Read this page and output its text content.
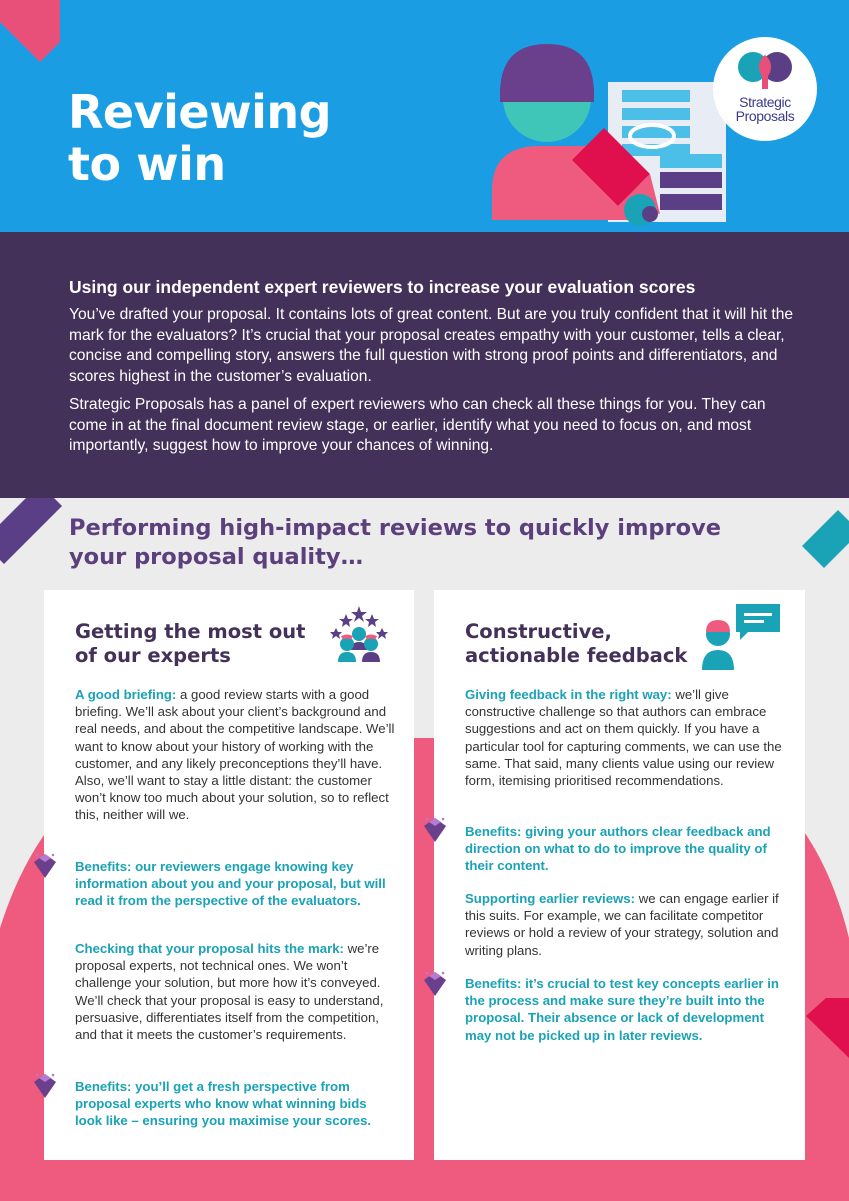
Reviewing
to win
Strategic
Proposals
Using our independent expert reviewers to increase your evaluation scores

You’ve drafted your proposal. It contains lots of great content. But are you truly confident that it will hit the mark for the evaluators? It’s crucial that your proposal creates empathy with your customer, tells a clear, concise and compelling story, answers the full question with strong proof points and differentiators, and scores highest in the customer’s evaluation.

Strategic Proposals has a panel of expert reviewers who can check all these things for you. They can come in at the final document review stage, or earlier, identify what you need to focus on, and most importantly, suggest how to improve your chances of winning.

Performing high-impact reviews to quickly improve
your proposal quality…
Getting the most out
of our experts

A good briefing: a good review starts with a good briefing. We’ll ask about your client’s background and real needs, and about the competitive landscape. We’ll want to know about your history of working with the customer, and any likely preconceptions they’ll have. Also, we’ll want to stay a little distant: the customer won’t know too much about your solution, so to reflect this, neither will we.

Benefits: our reviewers engage knowing key information about you and your proposal, but will read it from the perspective of the evaluators.

Checking that your proposal hits the mark: we’re proposal experts, not technical ones. We won’t challenge your solution, but more how it’s conveyed. We’ll check that your proposal is easy to understand, persuasive, differentiates itself from the competition, and that it meets the customer’s requirements.

Benefits: you’ll get a fresh perspective from proposal experts who know what winning bids look like – ensuring you maximise your scores.

Constructive,
actionable feedback

Giving feedback in the right way: we’ll give constructive challenge so that authors can embrace suggestions and act on them quickly. If you have a particular tool for capturing comments, we can use the same. That said, many clients value using our review form, itemising prioritised recommendations.

Benefits: giving your authors clear feedback and direction on what to do to improve the quality of their content.

Supporting earlier reviews: we can engage earlier if this suits. For example, we can facilitate competitor reviews or hold a review of your strategy, solution and writing plans.

Benefits: it’s crucial to test key concepts earlier in the process and make sure they’re built into the proposal. Their absence or lack of development may not be picked up in later reviews.
